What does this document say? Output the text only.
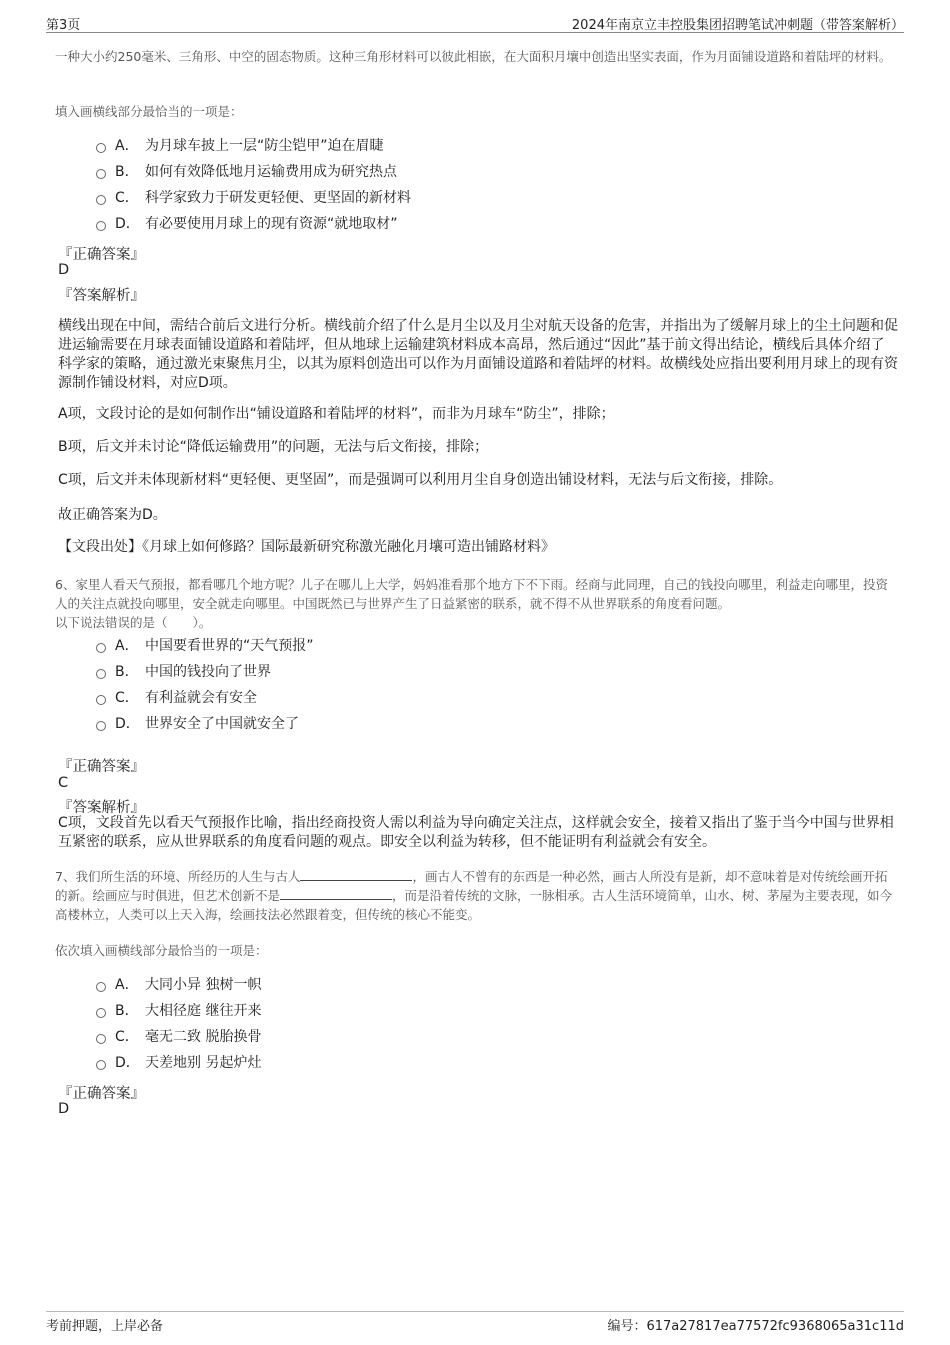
第3页	2024年南京立丰控股集团招聘笔试冲刺题（带答案解析）
一种大小约250毫米、三角形、中空的固态物质。这种三角形材料可以彼此相嵌，在大面积月壤中创造出坚实表面，作为月面铺设道路和着陆坪的材料。
填入画横线部分最恰当的一项是：
A． 为月球车披上一层“防尘铠甲”迫在眉睫
B． 如何有效降低地月运输费用成为研究热点
C． 科学家致力于研发更轻便、更坚固的新材料
D． 有必要使用月球上的现有资源“就地取材”
『正确答案』
D
『答案解析』
横线出现在中间，需结合前后文进行分析。横线前介绍了什么是月尘以及月尘对航天设备的危害，并指出为了缓解月球上的尘土问题和促进运输需要在月球表面铺设道路和着陆坪，但从地球上运输建筑材料成本高昂，然后通过“因此”基于前文得出结论，横线后具体介绍了科学家的策略，通过激光束聚焦月尘，以其为原料创造出可以作为月面铺设道路和着陆坪的材料。故横线处应指出要利用月球上的现有资源制作铺设材料，对应D项。
A项，文段讨论的是如何制作出“铺设道路和着陆坪的材料”，而非为月球车“防尘”，排除；
B项，后文并未讨论“降低运输费用”的问题，无法与后文衔接，排除；
C项，后文并未体现新材料“更轻便、更坚固”，而是强调可以利用月尘自身创造出铺设材料，无法与后文衔接，排除。
故正确答案为D。
【文段出处】《月球上如何修路？国际最新研究称激光融化月壤可造出铺路材料》
6、家里人看天气预报，都看哪几个地方呢？儿子在哪儿上大学，妈妈准看那个地方下不下雨。经商与此同理，自己的钱投向哪里，利益走向哪里，投资人的关注点就投向哪里，安全就走向哪里。中国既然已与世界产生了日益紧密的联系，就不得不从世界联系的角度看问题。
以下说法错误的是（　　）。
A． 中国要看世界的“天气预报”
B． 中国的钱投向了世界
C． 有利益就会有安全
D． 世界安全了中国就安全了
『正确答案』
C
『答案解析』
C项，文段首先以看天气预报作比喻，指出经商投资人需以利益为导向确定关注点，这样就会安全，接着又指出了鉴于当今中国与世界相互紧密的联系，应从世界联系的角度看问题的观点。即安全以利益为转移，但不能证明有利益就会有安全。
7、我们所生活的环境、所经历的人生与古人	，画古人不曾有的东西是一种必然，画古人所没有是新，却不意味着是对传统绘画开拓的新。绘画应与时俱进，但艺术创新不是	，而是沿着传统的文脉，一脉相承。古人生活环境简单，山水、树、茅屋为主要表现，如今高楼林立，人类可以上天入海，绘画技法必然跟着变，但传统的核心不能变。
依次填入画横线部分最恰当的一项是：
A． 大同小异 独树一帜
B． 大相径庭 继往开来
C． 毫无二致 脱胎换骨
D． 天差地别 另起炉灶
『正确答案』
D
考前押题，上岸必备	编号：617a27817ea77572fc9368065a31c11d
